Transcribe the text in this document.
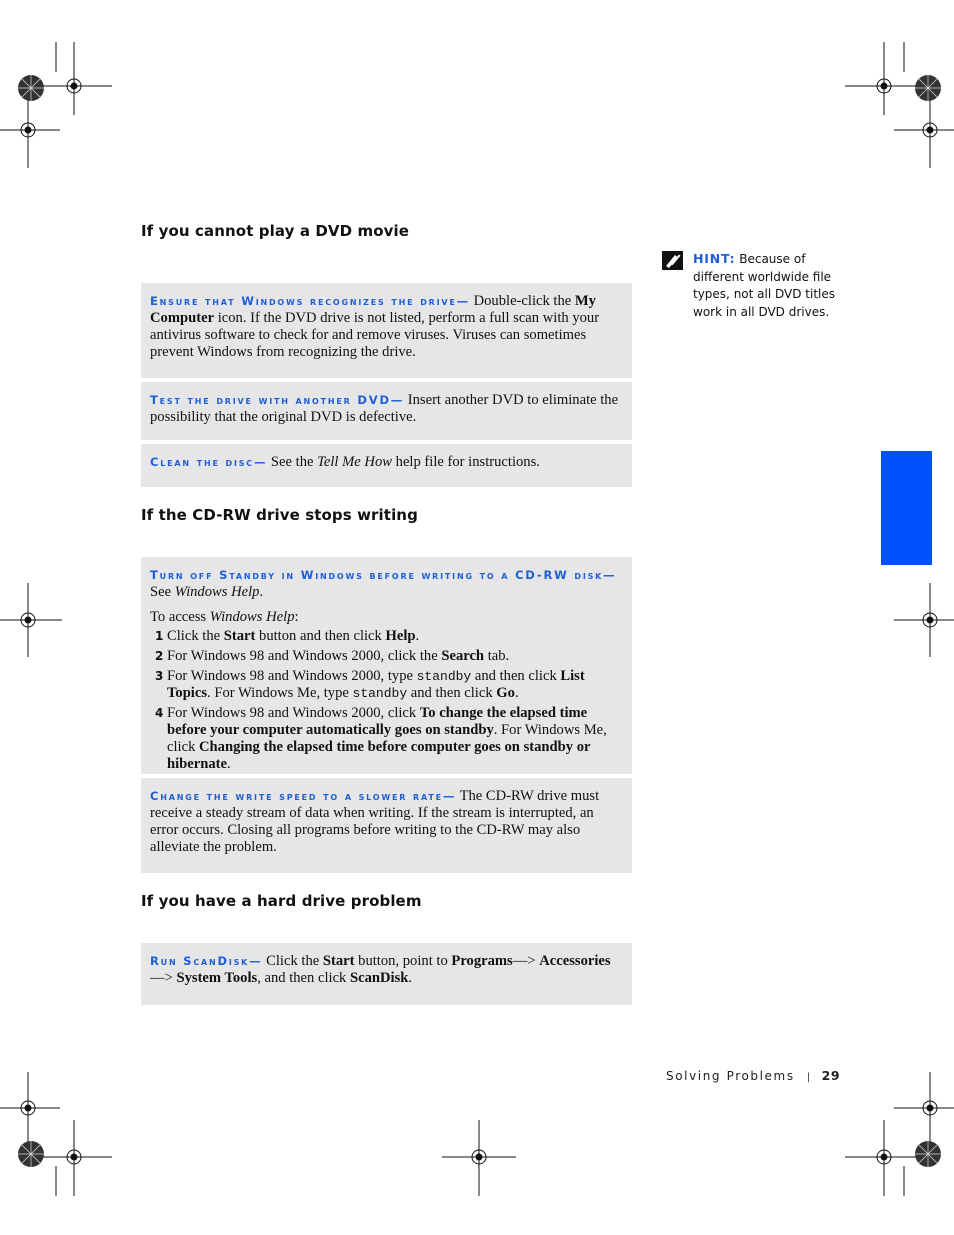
If you cannot play a DVD movie

Ensure that Windows recognizes the drive— Double-click the My Computer icon. If the DVD drive is not listed, perform a full scan with your antivirus software to check for and remove viruses. Viruses can sometimes prevent Windows from recognizing the drive.

Test the drive with another DVD— Insert another DVD to eliminate the possibility that the original DVD is defective.

Clean the disc— See the Tell Me How help file for instructions.

If the CD-RW drive stops writing

Turn off Standby in Windows before writing to a CD-RW disk— See Windows Help.

To access Windows Help:

1 Click the Start button and then click Help.
2 For Windows 98 and Windows 2000, click the Search tab.
3 For Windows 98 and Windows 2000, type standby and then click List Topics. For Windows Me, type standby and then click Go.
4 For Windows 98 and Windows 2000, click To change the elapsed time before your computer automatically goes on standby. For Windows Me, click Changing the elapsed time before computer goes on standby or hibernate.

Change the write speed to a slower rate— The CD-RW drive must receive a steady stream of data when writing. If the stream is interrupted, an error occurs. Closing all programs before writing to the CD-RW may also alleviate the problem.

If you have a hard drive problem

Run ScanDisk— Click the Start button, point to Programs—> Accessories—> System Tools, and then click ScanDisk.

HINT: Because of different worldwide file types, not all DVD titles work in all DVD drives.
Solving Problems | 29
